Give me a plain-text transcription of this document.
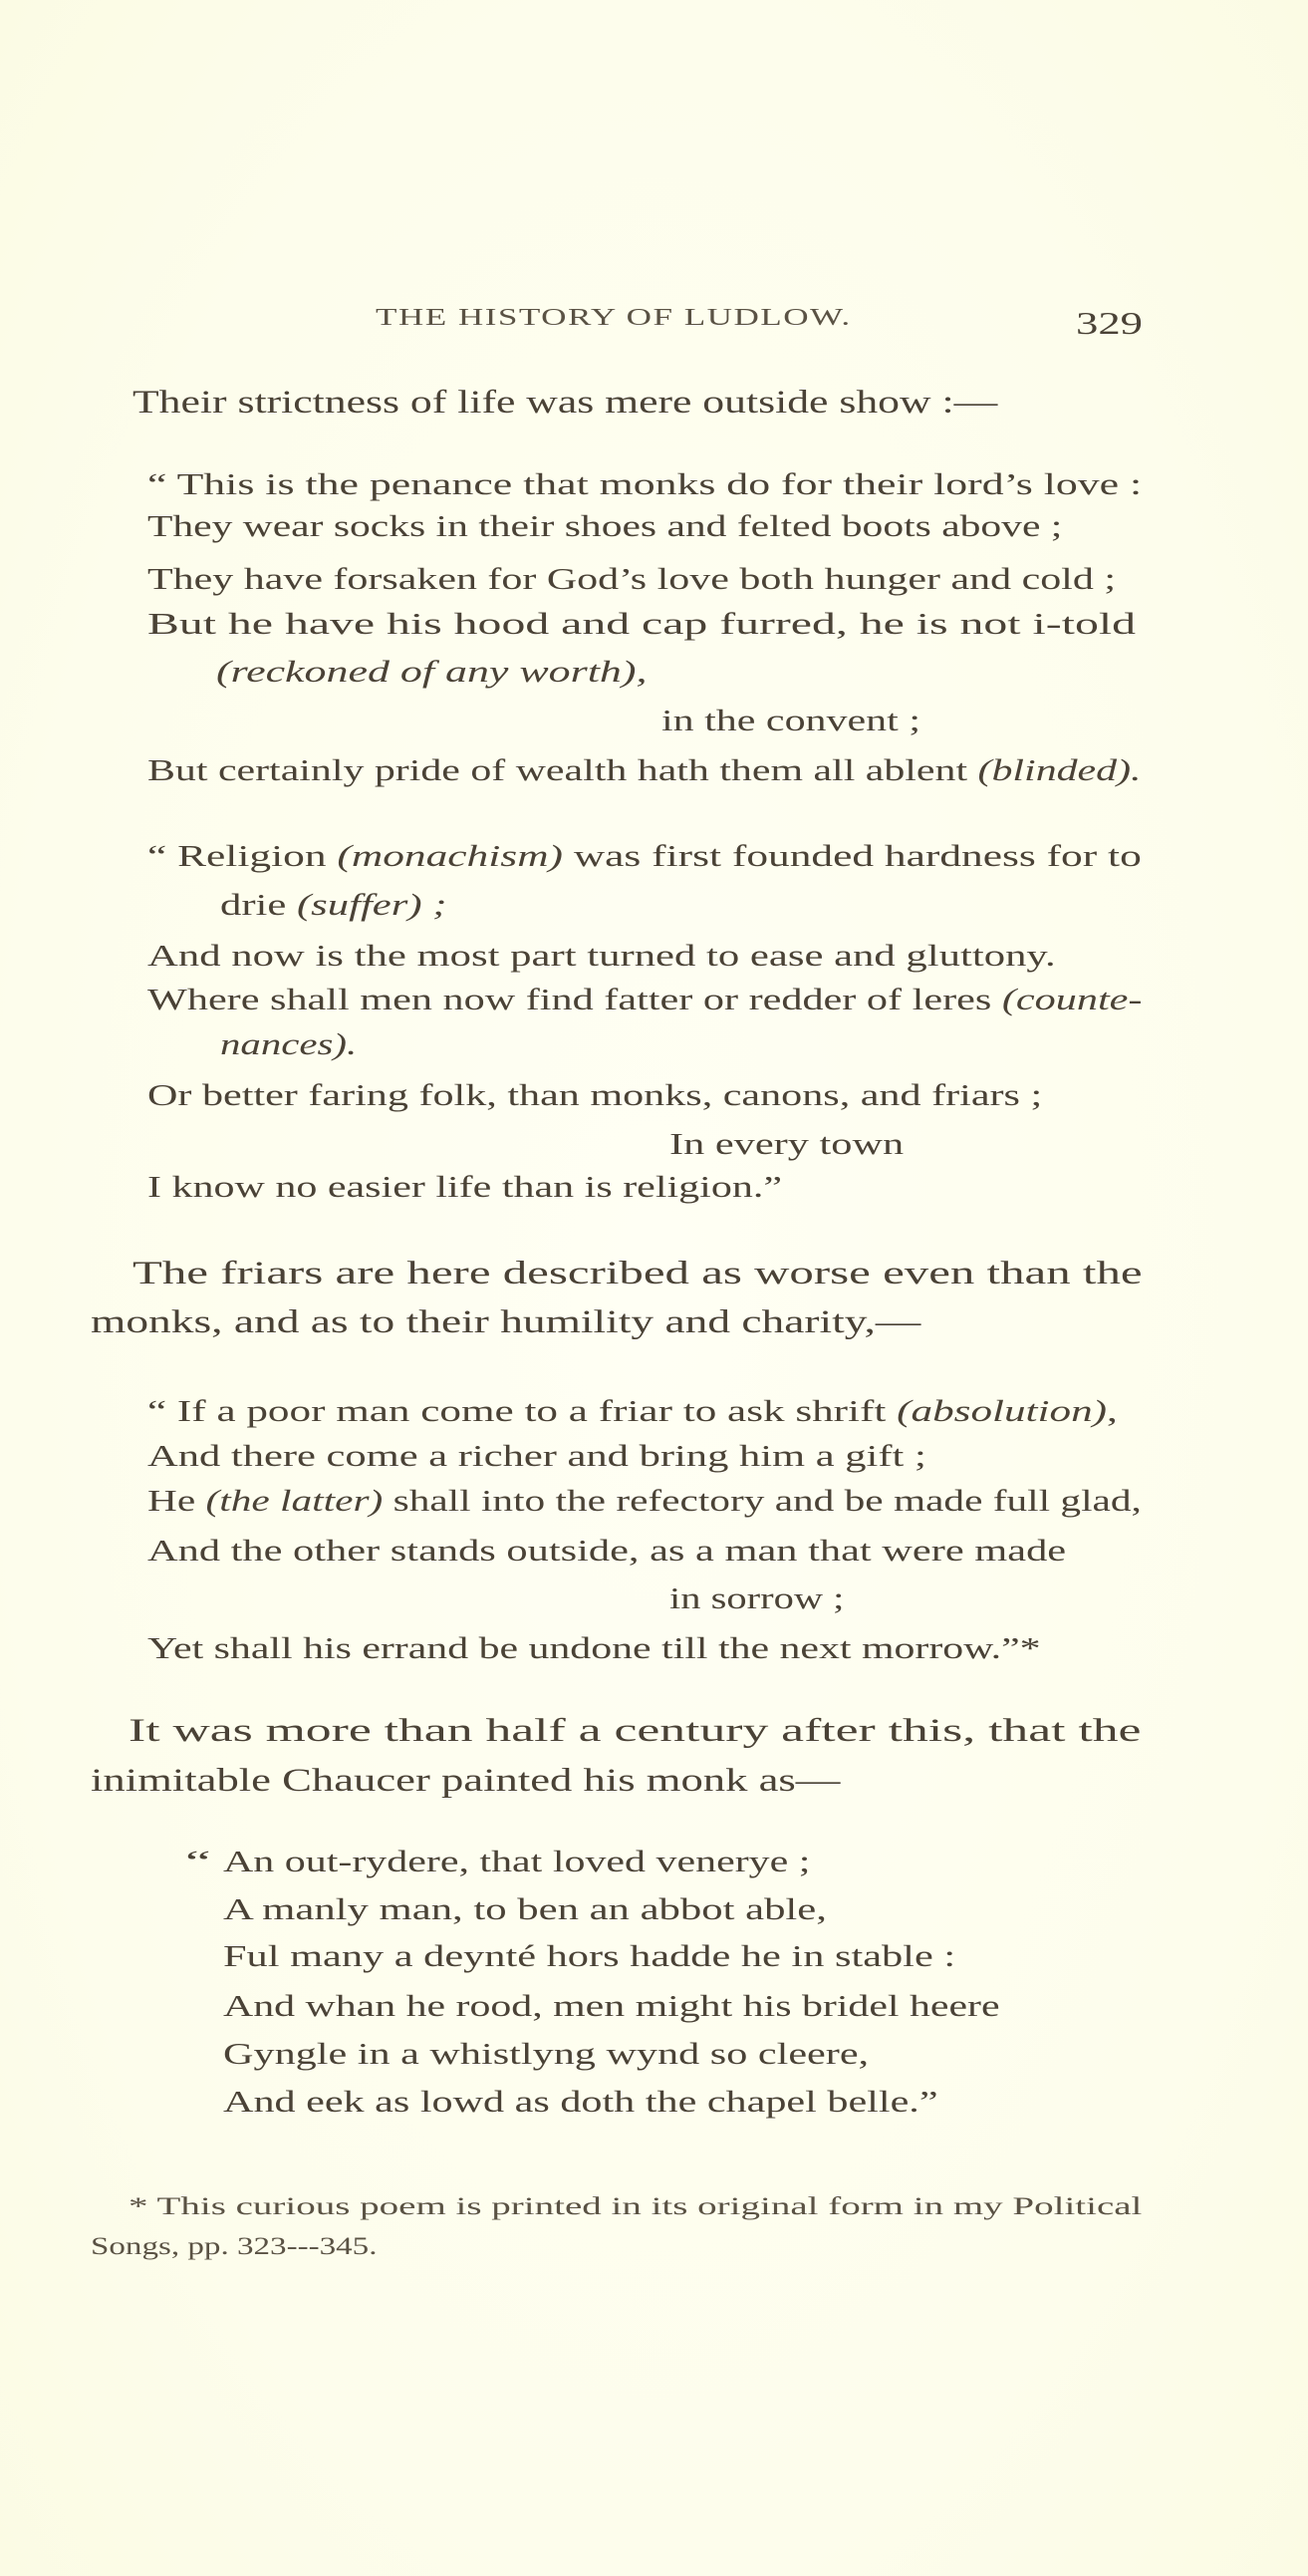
THE HISTORY OF LUDLOW.	329
Their strictness of life was mere outside show :—
“ This is the penance that monks do for their lord’s love :
They wear socks in their shoes and felted boots above ;
They have forsaken for God’s love both hunger and cold ;
But he have his hood and cap furred, he is not i-told
(reckoned of any worth),
in the convent ;
But certainly pride of wealth hath them all ablent (blinded).
“ Religion (monachism) was first founded hardness for to
drie (suffer) ;
And now is the most part turned to ease and gluttony.
Where shall men now find fatter or redder of leres (counte-
nances).
Or better faring folk, than monks, canons, and friars ;
In every town
I know no easier life than is religion.”
The friars are here described as worse even than the
monks, and as to their humility and charity,—
“ If a poor man come to a friar to ask shrift (absolution),
And there come a richer and bring him a gift ;
He (the latter) shall into the refectory and be made full glad,
And the other stands outside, as a man that were made
in sorrow ;
Yet shall his errand be undone till the next morrow.”*
It was more than half a century after this, that the
inimitable Chaucer painted his monk as—
“ An out-rydere, that loved venerye ;
A manly man, to ben an abbot able,
Ful many a deynté hors hadde he in stable :
And whan he rood, men might his bridel heere
Gyngle in a whistlyng wynd so cleere,
And eek as lowd as doth the chapel belle.”
* This curious poem is printed in its original form in my Political
Songs, pp. 323---345.
